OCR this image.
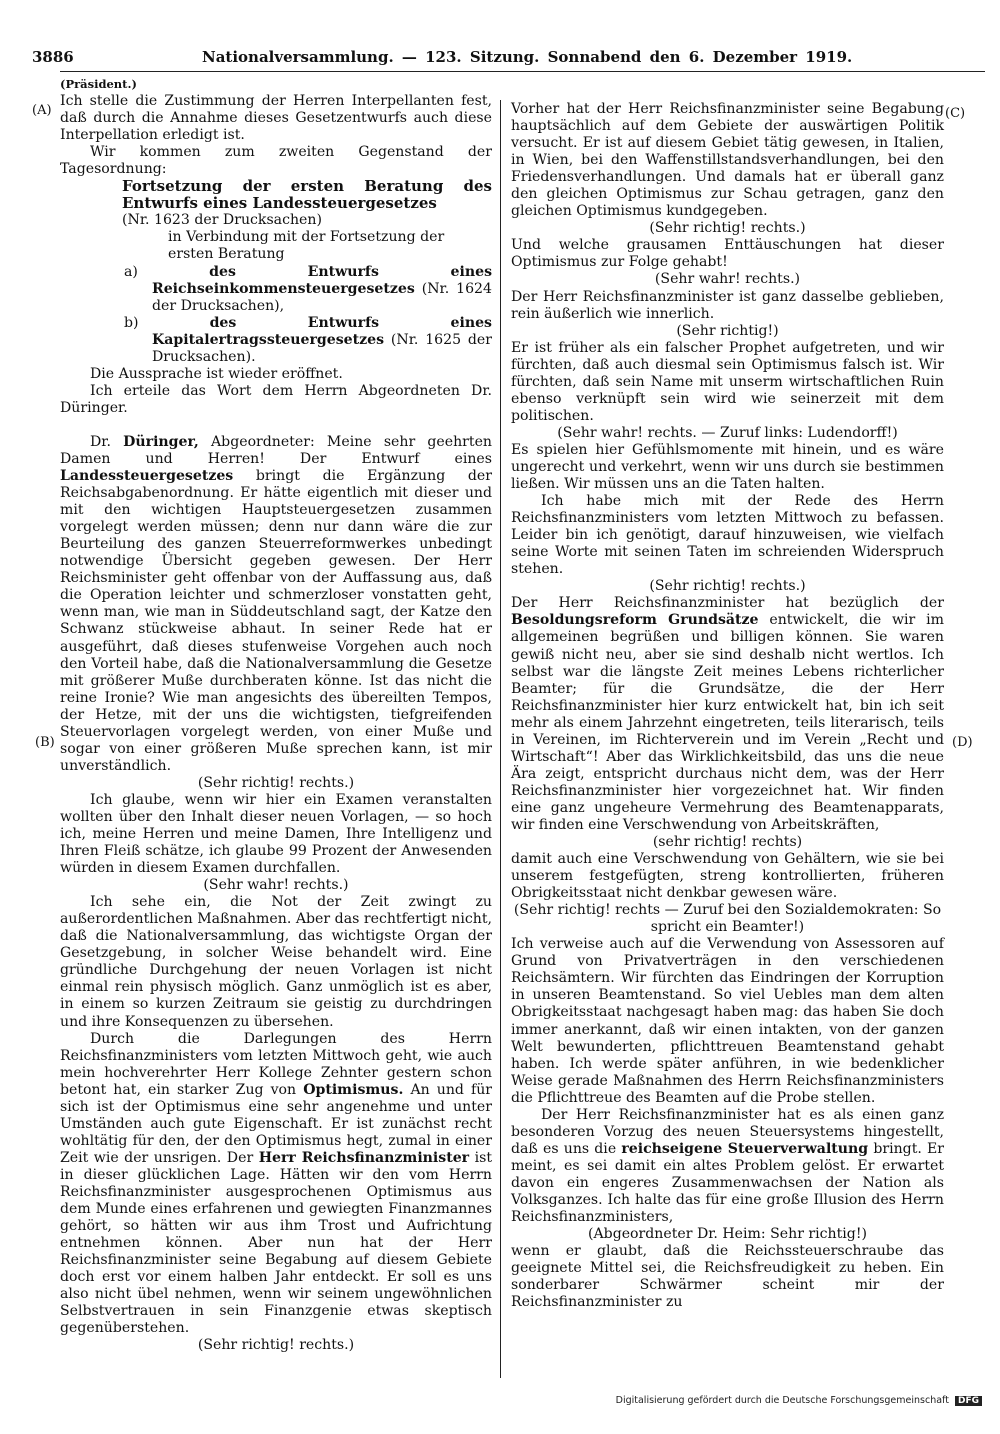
3886	Nationalversammlung. — 123. Sitzung. Sonnabend den 6. Dezember 1919.
(A)
(B)
(C)
(D)

(Präsident.)

Ich stelle die Zustimmung der Herren Interpellanten fest, daß durch die Annahme dieses Gesetzentwurfs auch diese Interpellation erledigt ist.

Wir kommen zum zweiten Gegenstand der Tagesordnung:

Fortsetzung der ersten Beratung des Entwurfs eines Landessteuergesetzes

(Nr. 1623 der Drucksachen)

in Verbindung mit der Fortsetzung der ersten Beratung

a)	des Entwurfs eines Reichseinkommensteuergesetzes (Nr. 1624 der Drucksachen),

b)	des Entwurfs eines Kapitalertragssteuergesetzes (Nr. 1625 der Drucksachen).

Die Aussprache ist wieder eröffnet.

Ich erteile das Wort dem Herrn Abgeordneten Dr. Düringer.

Dr. Düringer, Abgeordneter: Meine sehr geehrten Damen und Herren! Der Entwurf eines Landessteuergesetzes bringt die Ergänzung der Reichsabgabenordnung. Er hätte eigentlich mit dieser und mit den wichtigen Hauptsteuergesetzen zusammen vorgelegt werden müssen; denn nur dann wäre die zur Beurteilung des ganzen Steuerreformwerkes unbedingt notwendige Übersicht gegeben gewesen. Der Herr Reichsminister geht offenbar von der Auffassung aus, daß die Operation leichter und schmerzloser vonstatten geht, wenn man, wie man in Süddeutschland sagt, der Katze den Schwanz stückweise abhaut. In seiner Rede hat er ausgeführt, daß dieses stufenweise Vorgehen auch noch den Vorteil habe, daß die Nationalversammlung die Gesetze mit größerer Muße durchberaten könne. Ist das nicht die reine Ironie? Wie man angesichts des übereilten Tempos, der Hetze, mit der uns die wichtigsten, tiefgreifenden Steuervorlagen vorgelegt werden, von einer Muße und sogar von einer größeren Muße sprechen kann, ist mir unverständlich.

(Sehr richtig! rechts.)

Ich glaube, wenn wir hier ein Examen veranstalten wollten über den Inhalt dieser neuen Vorlagen, — so hoch ich, meine Herren und meine Damen, Ihre Intelligenz und Ihren Fleiß schätze, ich glaube 99 Prozent der Anwesenden würden in diesem Examen durchfallen.

(Sehr wahr! rechts.)

Ich sehe ein, die Not der Zeit zwingt zu außerordentlichen Maßnahmen. Aber das rechtfertigt nicht, daß die Nationalversammlung, das wichtigste Organ der Gesetzgebung, in solcher Weise behandelt wird. Eine gründliche Durchgehung der neuen Vorlagen ist nicht einmal rein physisch möglich. Ganz unmöglich ist es aber, in einem so kurzen Zeitraum sie geistig zu durchdringen und ihre Konsequenzen zu übersehen.

Durch die Darlegungen des Herrn Reichsfinanzministers vom letzten Mittwoch geht, wie auch mein hochverehrter Herr Kollege Zehnter gestern schon betont hat, ein starker Zug von Optimismus. An und für sich ist der Optimismus eine sehr angenehme und unter Umständen auch gute Eigenschaft. Er ist zunächst recht wohltätig für den, der den Optimismus hegt, zumal in einer Zeit wie der unsrigen. Der Herr Reichsfinanzminister ist in dieser glücklichen Lage. Hätten wir den vom Herrn Reichsfinanzminister ausgesprochenen Optimismus aus dem Munde eines erfahrenen und gewiegten Finanzmannes gehört, so hätten wir aus ihm Trost und Aufrichtung entnehmen können. Aber nun hat der Herr Reichsfinanzminister seine Begabung auf diesem Gebiete doch erst vor einem halben Jahr entdeckt. Er soll es uns also nicht übel nehmen, wenn wir seinem ungewöhnlichen Selbstvertrauen in sein Finanzgenie etwas skeptisch gegenüberstehen.

(Sehr richtig! rechts.)

Vorher hat der Herr Reichsfinanzminister seine Begabung hauptsächlich auf dem Gebiete der auswärtigen Politik versucht. Er ist auf diesem Gebiet tätig gewesen, in Italien, in Wien, bei den Waffenstillstandsverhandlungen, bei den Friedensverhandlungen. Und damals hat er überall ganz den gleichen Optimismus zur Schau getragen, ganz den gleichen Optimismus kundgegeben.

(Sehr richtig! rechts.)

Und welche grausamen Enttäuschungen hat dieser Optimismus zur Folge gehabt!

(Sehr wahr! rechts.)

Der Herr Reichsfinanzminister ist ganz dasselbe geblieben, rein äußerlich wie innerlich.

(Sehr richtig!)

Er ist früher als ein falscher Prophet aufgetreten, und wir fürchten, daß auch diesmal sein Optimismus falsch ist. Wir fürchten, daß sein Name mit unserm wirtschaftlichen Ruin ebenso verknüpft sein wird wie seinerzeit mit dem politischen.

(Sehr wahr! rechts. — Zuruf links: Ludendorff!)

Es spielen hier Gefühlsmomente mit hinein, und es wäre ungerecht und verkehrt, wenn wir uns durch sie bestimmen ließen. Wir müssen uns an die Taten halten.

Ich habe mich mit der Rede des Herrn Reichsfinanzministers vom letzten Mittwoch zu befassen. Leider bin ich genötigt, darauf hinzuweisen, wie vielfach seine Worte mit seinen Taten im schreienden Widerspruch stehen.

(Sehr richtig! rechts.)

Der Herr Reichsfinanzminister hat bezüglich der Besoldungsreform Grundsätze entwickelt, die wir im allgemeinen begrüßen und billigen können. Sie waren gewiß nicht neu, aber sie sind deshalb nicht wertlos. Ich selbst war die längste Zeit meines Lebens richterlicher Beamter; für die Grundsätze, die der Herr Reichsfinanzminister hier kurz entwickelt hat, bin ich seit mehr als einem Jahrzehnt eingetreten, teils literarisch, teils in Vereinen, im Richterverein und im Verein „Recht und Wirtschaft“! Aber das Wirklichkeitsbild, das uns die neue Ära zeigt, entspricht durchaus nicht dem, was der Herr Reichsfinanzminister hier vorgezeichnet hat. Wir finden eine ganz ungeheure Vermehrung des Beamtenapparats, wir finden eine Verschwendung von Arbeitskräften,

(sehr richtig! rechts)

damit auch eine Verschwendung von Gehältern, wie sie bei unserem festgefügten, streng kontrollierten, früheren Obrigkeitsstaat nicht denkbar gewesen wäre.

(Sehr richtig! rechts — Zuruf bei den Sozialdemokraten: So spricht ein Beamter!)

Ich verweise auch auf die Verwendung von Assessoren auf Grund von Privatverträgen in den verschiedenen Reichsämtern. Wir fürchten das Eindringen der Korruption in unseren Beamtenstand. So viel Uebles man dem alten Obrigkeitsstaat nachgesagt haben mag: das haben Sie doch immer anerkannt, daß wir einen intakten, von der ganzen Welt bewunderten, pflichttreuen Beamtenstand gehabt haben. Ich werde später anführen, in wie bedenklicher Weise gerade Maßnahmen des Herrn Reichsfinanzministers die Pflichttreue des Beamten auf die Probe stellen.

Der Herr Reichsfinanzminister hat es als einen ganz besonderen Vorzug des neuen Steuersystems hingestellt, daß es uns die reichseigene Steuerverwaltung bringt. Er meint, es sei damit ein altes Problem gelöst. Er erwartet davon ein engeres Zusammenwachsen der Nation als Volksganzes. Ich halte das für eine große Illusion des Herrn Reichsfinanzministers,

(Abgeordneter Dr. Heim: Sehr richtig!)

wenn er glaubt, daß die Reichssteuerschraube das geeignete Mittel sei, die Reichsfreudigkeit zu heben. Ein sonderbarer Schwärmer scheint mir der Reichsfinanzminister zu

Digitalisierung gefördert durch die Deutsche Forschungsgemeinschaft DFG
